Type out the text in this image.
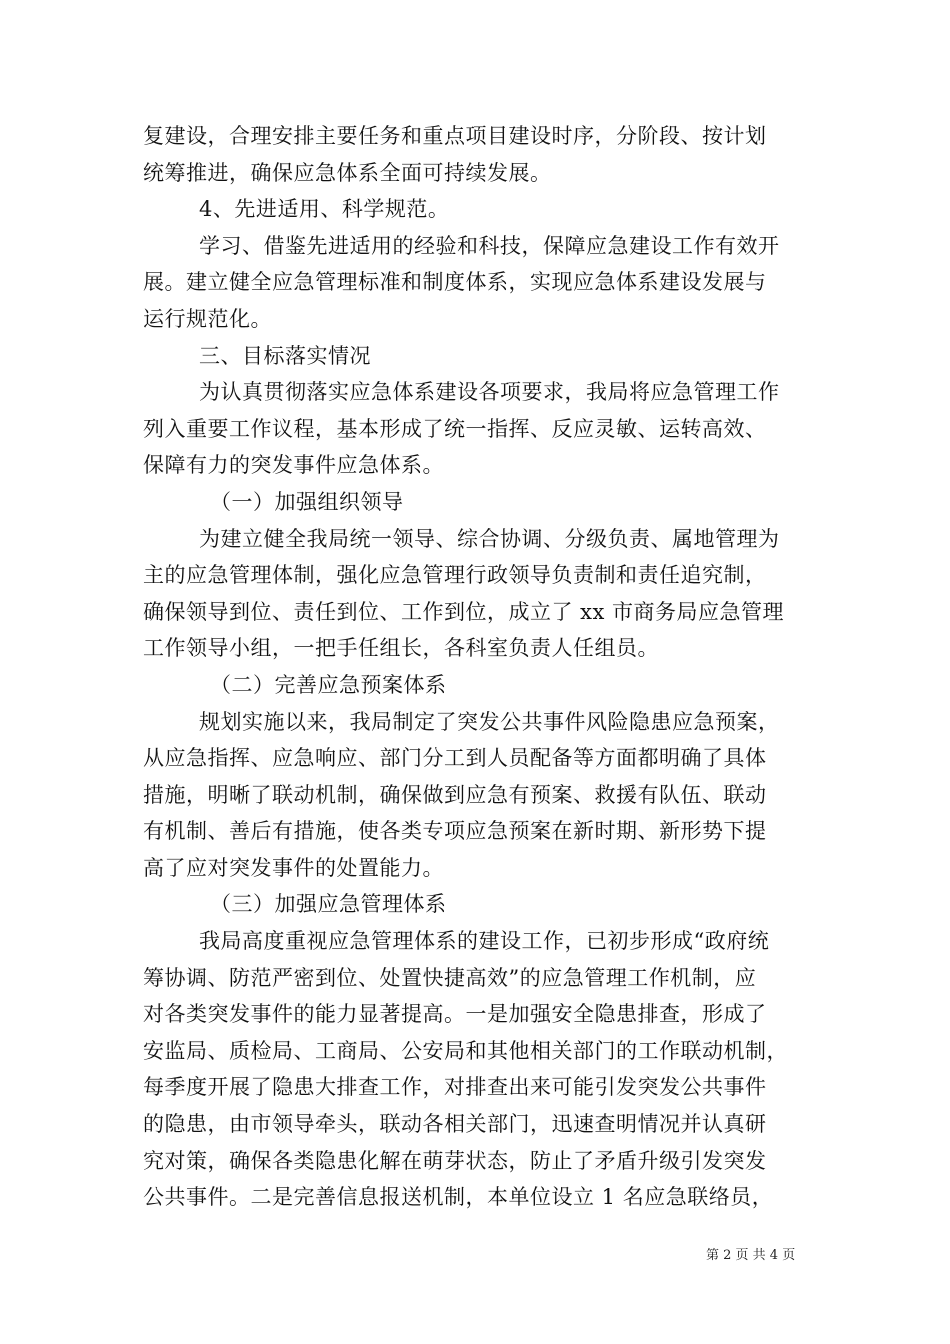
复建设，合理安排主要任务和重点项目建设时序，分阶段、按计划
统筹推进，确保应急体系全面可持续发展。
4、先进适用、科学规范。
学习、借鉴先进适用的经验和科技，保障应急建设工作有效开
展。建立健全应急管理标准和制度体系，实现应急体系建设发展与
运行规范化。
三、目标落实情况
为认真贯彻落实应急体系建设各项要求，我局将应急管理工作
列入重要工作议程，基本形成了统一指挥、反应灵敏、运转高效、
保障有力的突发事件应急体系。
（一）加强组织领导
为建立健全我局统一领导、综合协调、分级负责、属地管理为
主的应急管理体制，强化应急管理行政领导负责制和责任追究制，
确保领导到位、责任到位、工作到位，成立了 xx 市商务局应急管理
工作领导小组，一把手任组长，各科室负责人任组员。
（二）完善应急预案体系
规划实施以来，我局制定了突发公共事件风险隐患应急预案，
从应急指挥、应急响应、部门分工到人员配备等方面都明确了具体
措施，明晰了联动机制，确保做到应急有预案、救援有队伍、联动
有机制、善后有措施，使各类专项应急预案在新时期、新形势下提
高了应对突发事件的处置能力。
（三）加强应急管理体系
我局高度重视应急管理体系的建设工作，已初步形成“政府统
筹协调、防范严密到位、处置快捷高效”的应急管理工作机制，应
对各类突发事件的能力显著提高。一是加强安全隐患排查，形成了
安监局、质检局、工商局、公安局和其他相关部门的工作联动机制，
每季度开展了隐患大排查工作，对排查出来可能引发突发公共事件
的隐患，由市领导牵头，联动各相关部门，迅速查明情况并认真研
究对策，确保各类隐患化解在萌芽状态，防止了矛盾升级引发突发
公共事件。二是完善信息报送机制，本单位设立 1 名应急联络员，
第 2 页 共 4 页
